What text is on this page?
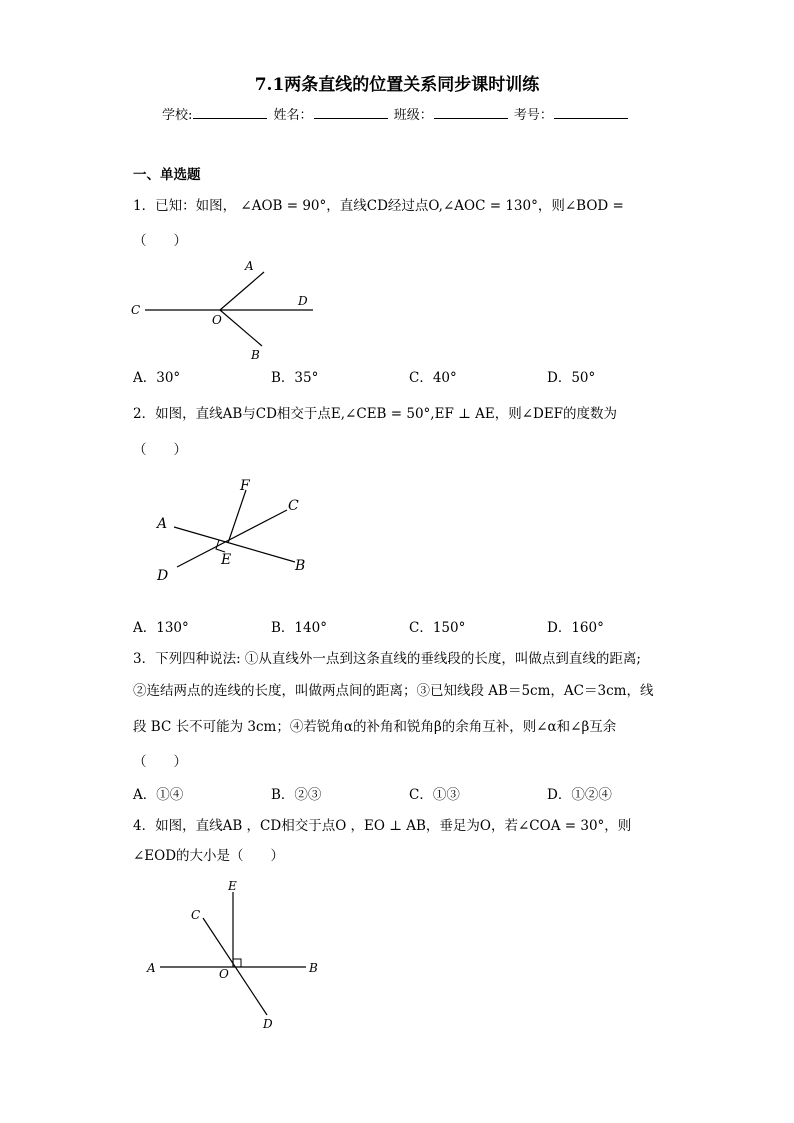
7.1两条直线的位置关系同步课时训练
学校:	姓名：	班级：	考号：
一、单选题
1．已知：如图， ∠AOB = 90°，直线CD经过点O,∠AOC = 130°，则∠BOD =
（　　）
A
C
D
O
B
A．30°	B．35°	C．40°	D．50°
2．如图，直线AB与CD相交于点E,∠CEB = 50°,EF ⊥ AE，则∠DEF的度数为
（　　）
F
C
A
E	B
D
A．130°	B．140°	C．150°	D．160°
3．下列四种说法: ①从直线外一点到这条直线的垂线段的长度，叫做点到直线的距离;
②连结两点的连线的长度，叫做两点间的距离；③已知线段 AB＝5cm，AC＝3cm，线
段 BC 长不可能为 3cm；④若锐角α的补角和锐角β的余角互补，则∠α和∠β互余
（　　）
A．①④	B．②③	C．①③	D．①②④
4．如图，直线AB ，CD相交于点O ，EO ⊥ AB，垂足为O，若∠COA = 30°，则
∠EOD的大小是（　　）
E
C
A	O	B
D
